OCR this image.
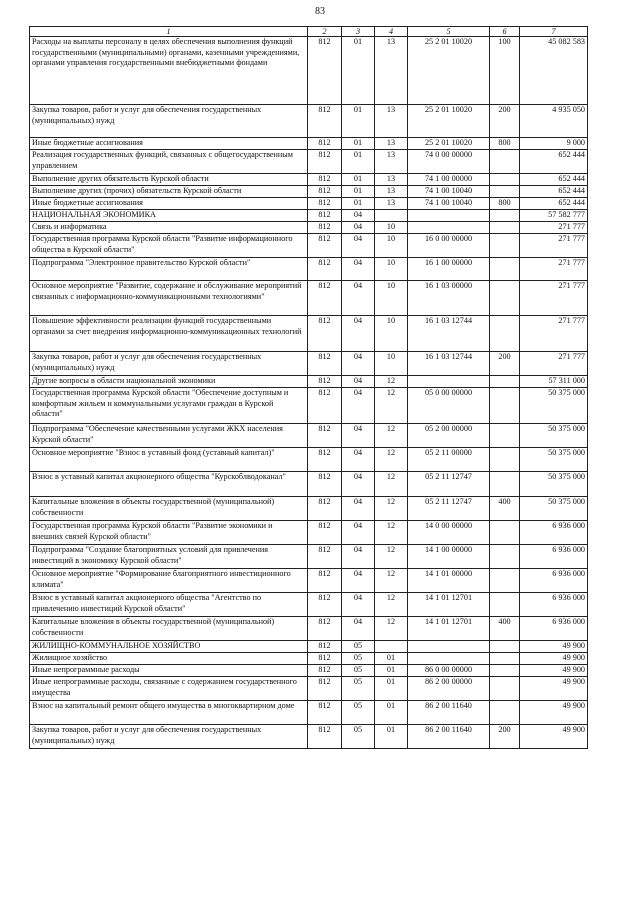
83
1	2	3	4	5	6	7
Расходы на выплаты персоналу в целях обеспечения выполнения функций государственными (муниципальными) органами, казенными учреждениями, органами управления государственными внебюджетными фондами	812	01	13	25 2 01 10020	100	45 082 583
Закупка товаров, работ и услуг для обеспечения государственных (муниципальных) нужд	812	01	13	25 2 01 10020	200	4 935 050
Иные бюджетные ассигнования	812	01	13	25 2 01 10020	800	9 000
Реализация государственных функций, связанных с общегосударственным управлением	812	01	13	74 0 00 00000		652 444
Выполнение других обязательств Курской области	812	01	13	74 1 00 00000		652 444
Выполнение других (прочих) обязательств Курской области	812	01	13	74 1 00 10040		652 444
Иные бюджетные ассигнования	812	01	13	74 1 00 10040	800	652 444
НАЦИОНАЛЬНАЯ ЭКОНОМИКА	812	04				57 582 777
Связь и информатика	812	04	10			271 777
Государственная программа Курской области "Развитие информационного общества в Курской области"	812	04	10	16 0 00 00000		271 777
Подпрограмма "Электронное правительство Курской области"	812	04	10	16 1 00 00000		271 777
Основное мероприятие "Развитие, содержание и обслуживание мероприятий связанных с информационно-коммуникационными технологиями"	812	04	10	16 1 03 00000		271 777
Повышение эффективности реализации функций государственными органами за счет внедрения информационно-коммуникационных технологий	812	04	10	16 1 03 12744		271 777
Закупка товаров, работ и услуг для обеспечения государственных (муниципальных) нужд	812	04	10	16 1 03 12744	200	271 777
Другие вопросы в области национальной экономики	812	04	12			57 311 000
Государственная программа Курской области "Обеспечение доступным и комфортным жильем и коммунальными услугами граждан в Курской области"	812	04	12	05 0 00 00000		50 375 000
Подпрограмма "Обеспечение качественными услугами ЖКХ населения Курской области"	812	04	12	05 2 00 00000		50 375 000
Основное мероприятие "Взнос в уставный фонд (уставный капитал)"	812	04	12	05 2 11 00000		50 375 000
Взнос в уставный капитал акционерного общества "Курскоблводоканал"	812	04	12	05 2 11 12747		50 375 000
Капитальные вложения в объекты государственной (муниципальной) собственности	812	04	12	05 2 11 12747	400	50 375 000
Государственная программа Курской области "Развитие экономики и внешних связей Курской области"	812	04	12	14 0 00 00000		6 936 000
Подпрограмма "Создание благоприятных условий для привлечения инвестиций в экономику Курской области"	812	04	12	14 1 00 00000		6 936 000
Основное мероприятие "Формирование благоприятного инвестиционного климата"	812	04	12	14 1 01 00000		6 936 000
Взнос в уставный капитал акционерного общества "Агентство по привлечению инвестиций Курской области"	812	04	12	14 1 01 12701		6 936 000
Капитальные вложения в объекты государственной (муниципальной) собственности	812	04	12	14 1 01 12701	400	6 936 000
ЖИЛИЩНО-КОММУНАЛЬНОЕ ХОЗЯЙСТВО	812	05				49 900
Жилищное хозяйство	812	05	01			49 900
Иные непрограммные расходы	812	05	01	86 0 00 00000		49 900
Иные непрограммные расходы, связанные с содержанием государственного имущества	812	05	01	86 2 00 00000		49 900
Взнос на капитальный ремонт общего имущества в многоквартирном доме	812	05	01	86 2 00 11640		49 900
Закупка товаров, работ и услуг для обеспечения государственных (муниципальных) нужд	812	05	01	86 2 00 11640	200	49 900
